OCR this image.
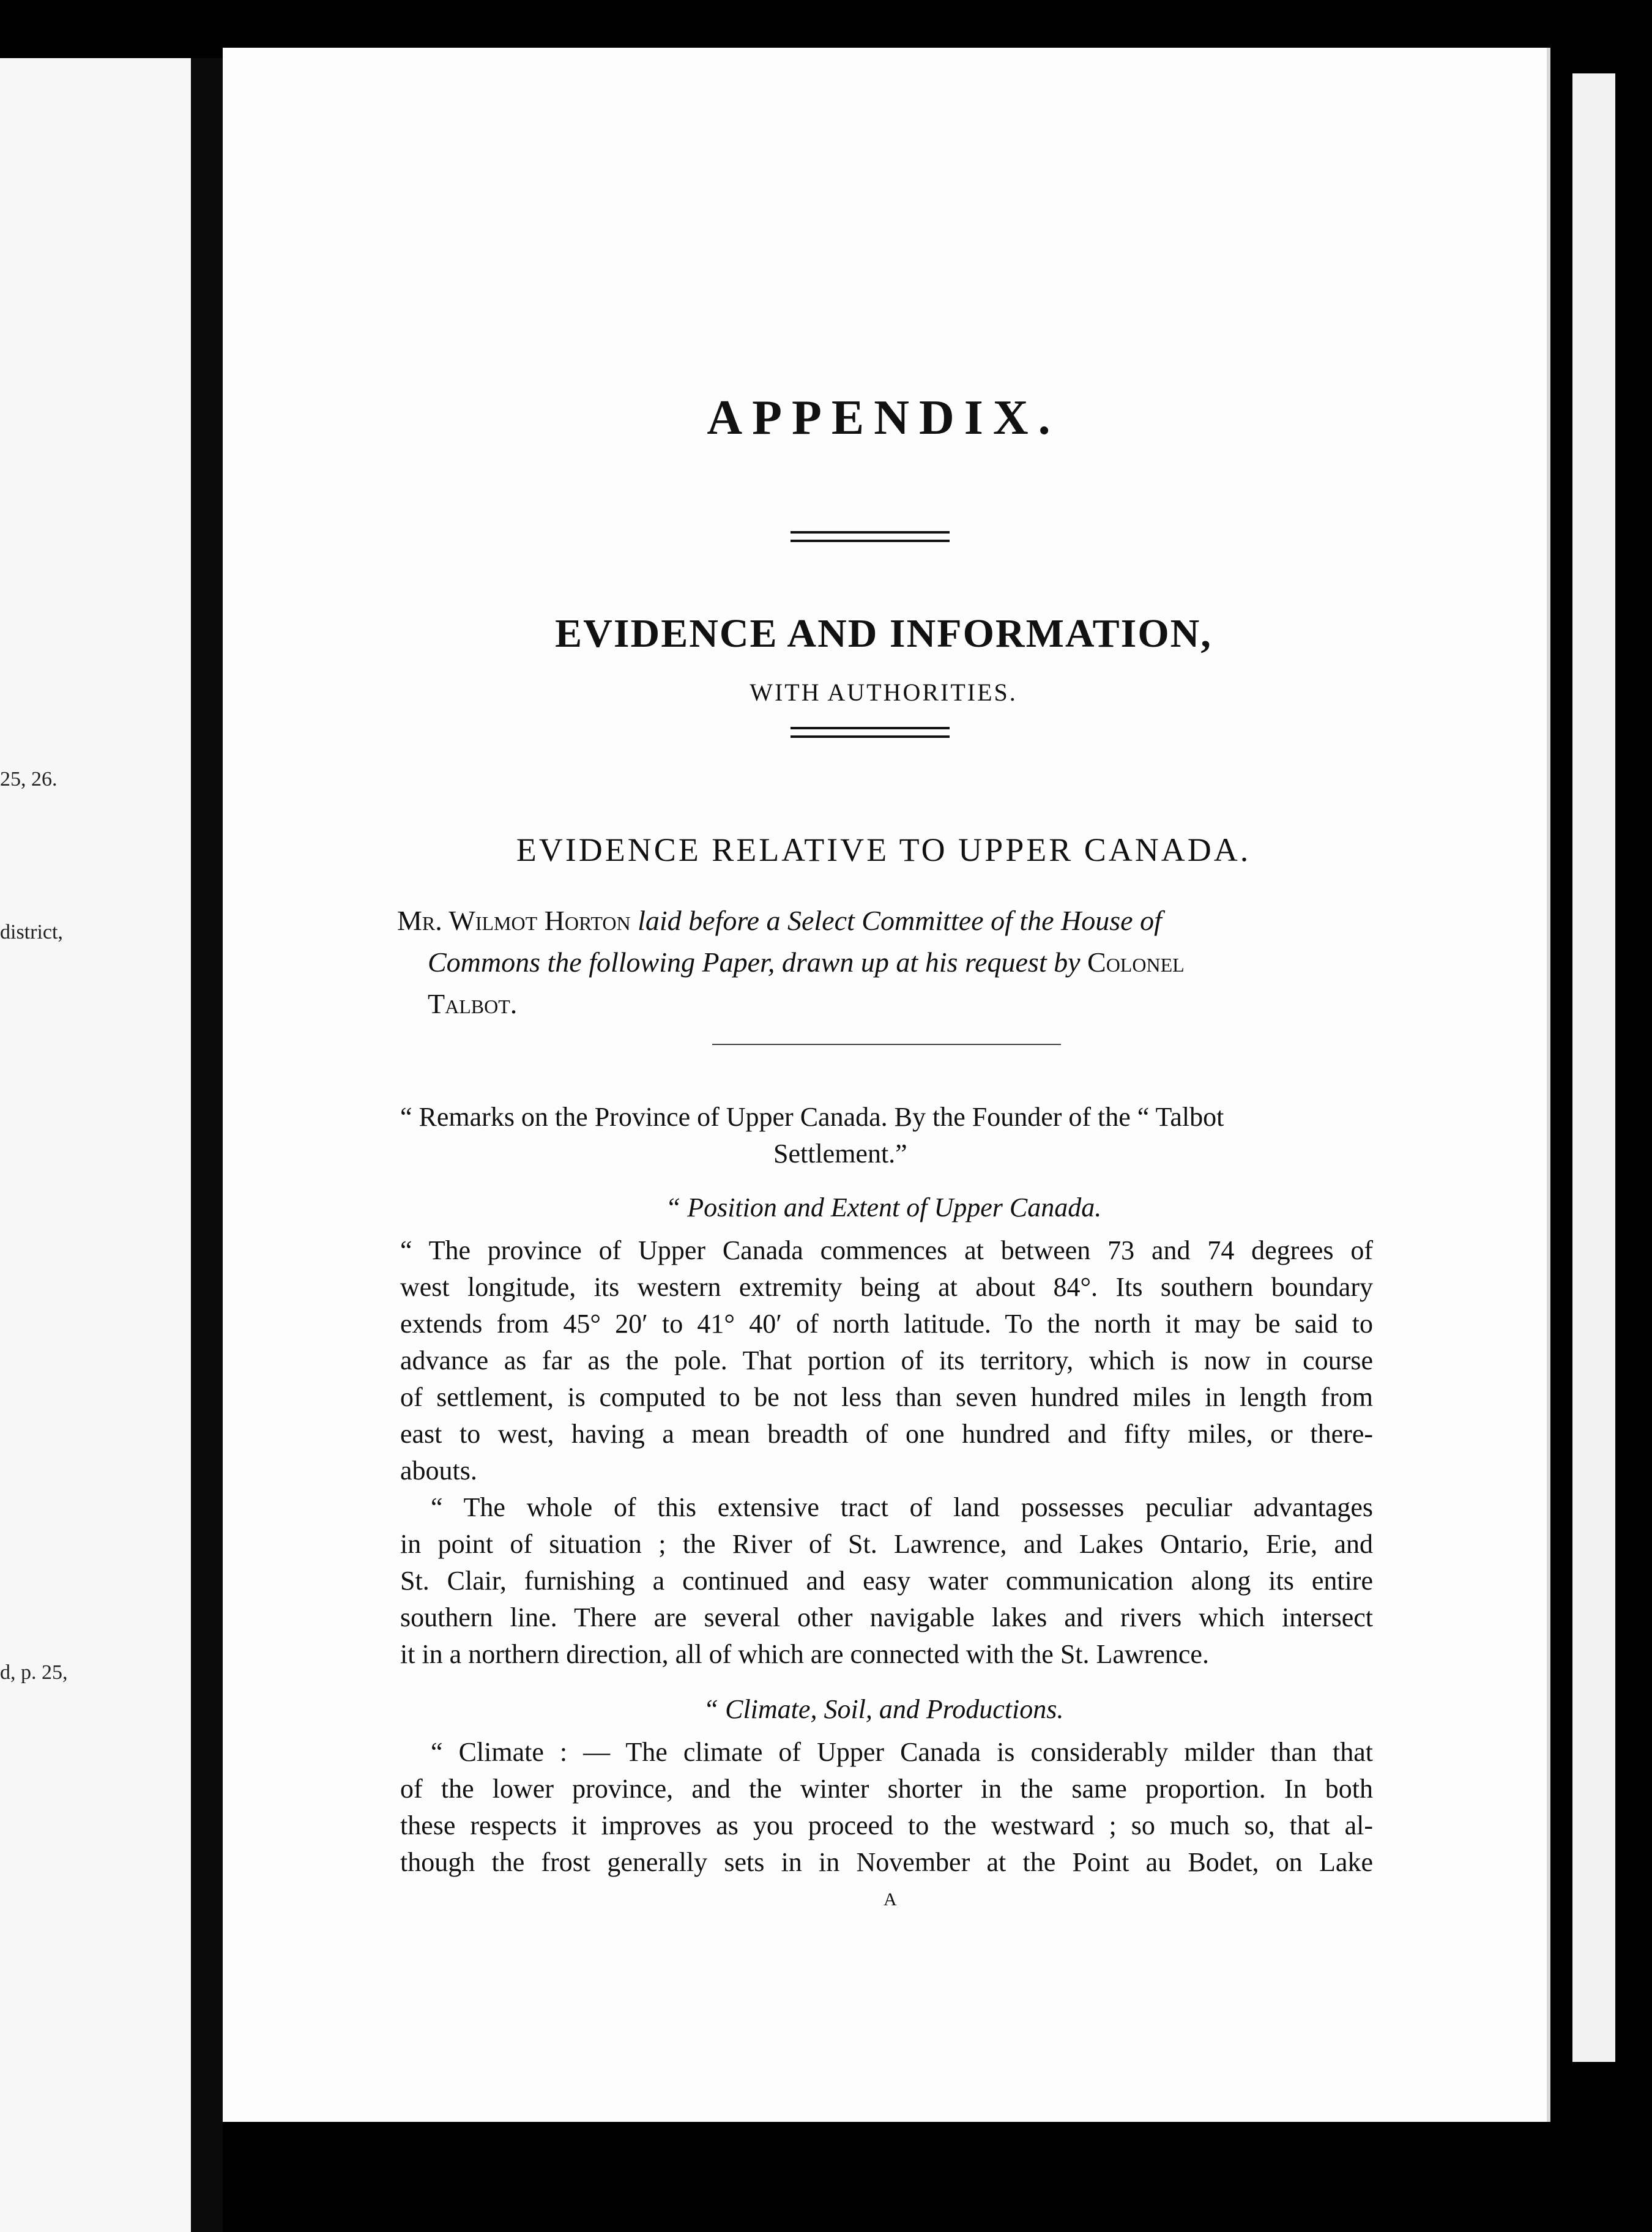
25, 26.
district,
d, p. 25,
APPENDIX.
EVIDENCE AND INFORMATION,
WITH AUTHORITIES.
EVIDENCE RELATIVE TO UPPER CANADA.
Mr. Wilmot Horton laid before a Select Committee of the House of
Commons the following Paper, drawn up at his request by Colonel
Talbot.
“ Remarks on the Province of Upper Canada. By the Founder of the “ Talbot
Settlement.”
“ Position and Extent of Upper Canada.
“ The province of Upper Canada commences at between 73 and 74 degrees of
west longitude, its western extremity being at about 84°. Its southern boundary
extends from 45° 20′ to 41° 40′ of north latitude. To the north it may be said to
advance as far as the pole. That portion of its territory, which is now in course
of settlement, is computed to be not less than seven hundred miles in length from
east to west, having a mean breadth of one hundred and fifty miles, or there-
abouts.
“ The whole of this extensive tract of land possesses peculiar advantages
in point of situation ; the River of St. Lawrence, and Lakes Ontario, Erie, and
St. Clair, furnishing a continued and easy water communication along its entire
southern line. There are several other navigable lakes and rivers which intersect
it in a northern direction, all of which are connected with the St. Lawrence.
“ Climate, Soil, and Productions.
“ Climate : — The climate of Upper Canada is considerably milder than that
of the lower province, and the winter shorter in the same proportion. In both
these respects it improves as you proceed to the westward ; so much so, that al-
though the frost generally sets in in November at the Point au Bodet, on Lake
A
